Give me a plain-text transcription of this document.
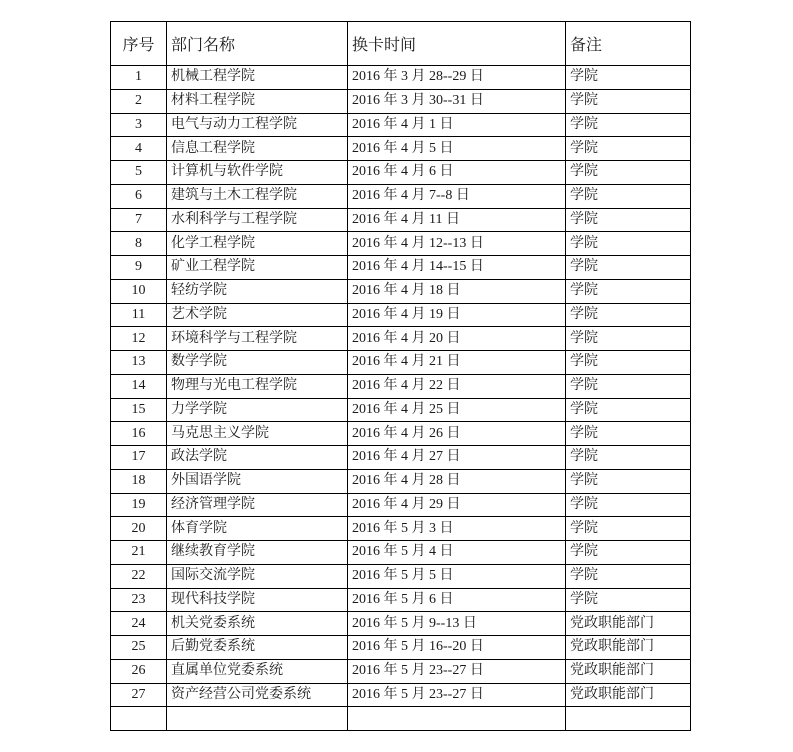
序号	部门名称	换卡时间	备注
1	机械工程学院	2016 年 3 月 28--29 日	学院
2	材料工程学院	2016 年 3 月 30--31 日	学院
3	电气与动力工程学院	2016 年 4 月 1 日	学院
4	信息工程学院	2016 年 4 月 5 日	学院
5	计算机与软件学院	2016 年 4 月 6 日	学院
6	建筑与土木工程学院	2016 年 4 月 7--8 日	学院
7	水利科学与工程学院	2016 年 4 月 11 日	学院
8	化学工程学院	2016 年 4 月 12--13 日	学院
9	矿业工程学院	2016 年 4 月 14--15 日	学院
10	轻纺学院	2016 年 4 月 18 日	学院
11	艺术学院	2016 年 4 月 19 日	学院
12	环境科学与工程学院	2016 年 4 月 20 日	学院
13	数学学院	2016 年 4 月 21 日	学院
14	物理与光电工程学院	2016 年 4 月 22 日	学院
15	力学学院	2016 年 4 月 25 日	学院
16	马克思主义学院	2016 年 4 月 26 日	学院
17	政法学院	2016 年 4 月 27 日	学院
18	外国语学院	2016 年 4 月 28 日	学院
19	经济管理学院	2016 年 4 月 29 日	学院
20	体育学院	2016 年 5 月 3 日	学院
21	继续教育学院	2016 年 5 月 4 日	学院
22	国际交流学院	2016 年 5 月 5 日	学院
23	现代科技学院	2016 年 5 月 6 日	学院
24	机关党委系统	2016 年 5 月 9--13 日	党政职能部门
25	后勤党委系统	2016 年 5 月 16--20 日	党政职能部门
26	直属单位党委系统	2016 年 5 月 23--27 日	党政职能部门
27	资产经营公司党委系统	2016 年 5 月 23--27 日	党政职能部门
